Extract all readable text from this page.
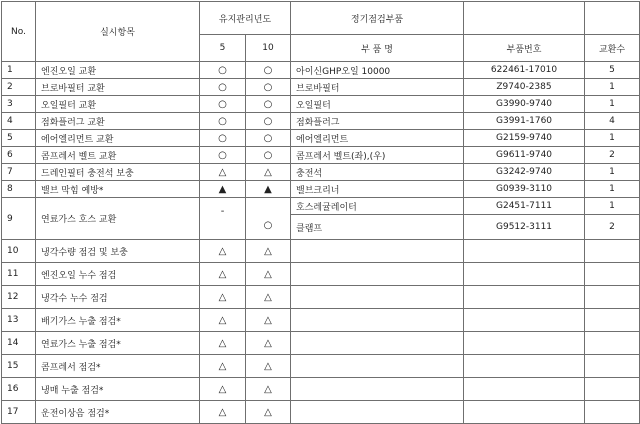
No.	실시항목	유지관리년도		정기점검부품		
		5	10	부 품 명	부품번호	교환수
1	엔진오일 교환	○	○	아이신GHP오일 10000	622461-17010	5
2	브로바필터 교환	○	○	브로바필터	Z9740-2385	1
3	오일필터 교환	○	○	오일필터	G3990-9740	1
4	점화플러그 교환	○	○	점화플러그	G3991-1760	4
5	에어엘리먼트 교환	○	○	에어엘리먼트	G2159-9740	1
6	콤프레서 벨트 교환	○	○	콤프레서 벨트(좌),(우)	G9611-9740	2
7	드레인필터 충전석 보충	△	△	충전석	G3242-9740	1
8	밸브 막힘 예방*	▲	▲	밸브크리너	G0939-3110	1
9	연료가스 호스 교환	-	○	호스레귤레이터	G2451-7111	1
				클램프	G9512-3111	2
10	냉각수량 점검 및 보충	△	△			
11	엔진오일 누수 점검	△	△			
12	냉각수 누수 점검	△	△			
13	배기가스 누출 점검*	△	△			
14	연료가스 누출 점검*	△	△			
15	콤프레서 점검*	△	△			
16	냉매 누출 점검*	△	△			
17	운전이상음 점검*	△	△			
